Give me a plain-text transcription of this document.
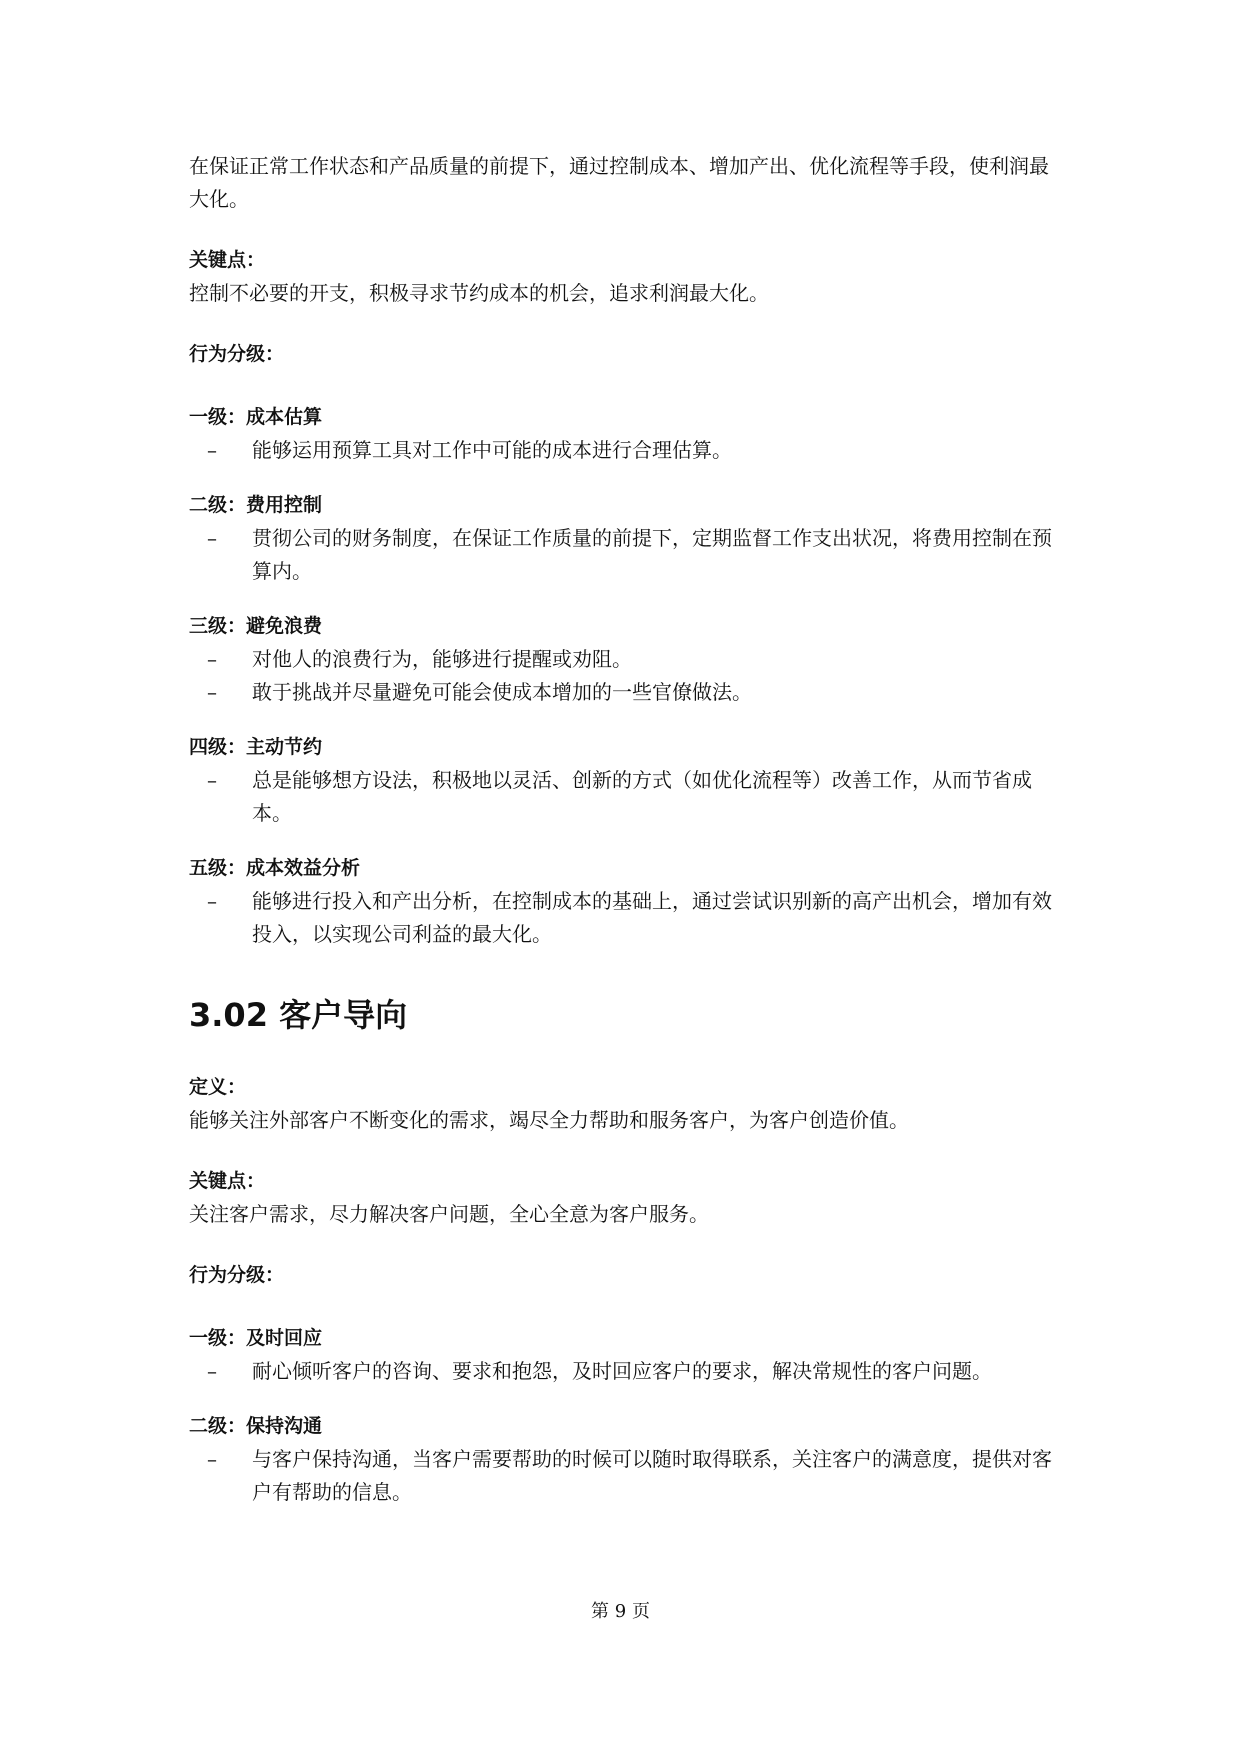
在保证正常工作状态和产品质量的前提下，通过控制成本、增加产出、优化流程等手段，使利润最大化。

关键点：

控制不必要的开支，积极寻求节约成本的机会，追求利润最大化。

行为分级：

一级：成本估算

– 能够运用预算工具对工作中可能的成本进行合理估算。

二级：费用控制

– 贯彻公司的财务制度，在保证工作质量的前提下，定期监督工作支出状况，将费用控制在预算内。

三级：避免浪费

– 对他人的浪费行为，能够进行提醒或劝阻。

– 敢于挑战并尽量避免可能会使成本增加的一些官僚做法。

四级：主动节约

– 总是能够想方设法，积极地以灵活、创新的方式（如优化流程等）改善工作，从而节省成本。

五级：成本效益分析

– 能够进行投入和产出分析，在控制成本的基础上，通过尝试识别新的高产出机会，增加有效投入，以实现公司利益的最大化。

3.02 客户导向

定义：

能够关注外部客户不断变化的需求，竭尽全力帮助和服务客户，为客户创造价值。

关键点：

关注客户需求，尽力解决客户问题，全心全意为客户服务。

行为分级：

一级：及时回应

– 耐心倾听客户的咨询、要求和抱怨，及时回应客户的要求，解决常规性的客户问题。

二级：保持沟通

– 与客户保持沟通，当客户需要帮助的时候可以随时取得联系，关注客户的满意度，提供对客户有帮助的信息。

第 9 页
